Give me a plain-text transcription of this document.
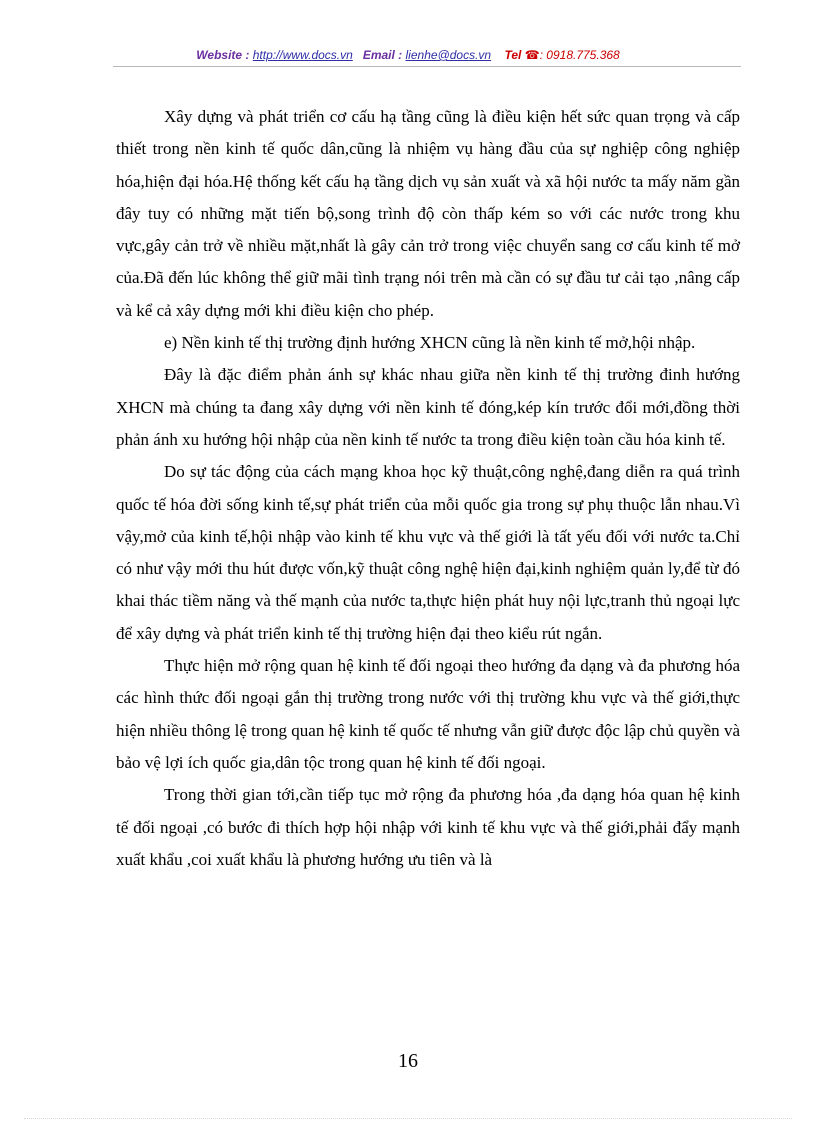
Website : http://www.docs.vn Email : lienhe@docs.vn Tel ☎: 0918.775.368

Xây dựng và phát triển cơ cấu hạ tầng cũng là điều kiện hết sức quan trọng và cấp thiết trong nền kinh tế quốc dân,cũng là nhiệm vụ hàng đầu của sự nghiệp công nghiệp hóa,hiện đại hóa.Hệ thống kết cấu hạ tầng dịch vụ sản xuất và xã hội nước ta mấy năm gần đây tuy có những mặt tiến bộ,song trình độ còn thấp kém so với các nước trong khu vực,gây cản trở về nhiều mặt,nhất là gây cản trở trong việc chuyển sang cơ cấu kinh tế mở của.Đã đến lúc không thể giữ mãi tình trạng nói trên mà cần có sự đầu tư cải tạo ,nâng cấp và kể cả xây dựng mới khi điều kiện cho phép.

e) Nền kinh tế thị trường định hướng XHCN cũng là nền kinh tế mở,hội nhập.

Đây là đặc điểm phản ánh sự khác nhau giữa nền kinh tế thị trường đinh hướng XHCN mà chúng ta đang xây dựng với nền kinh tế đóng,kép kín trước đổi mới,đồng thời phản ánh xu hướng hội nhập của nền kinh tế nước ta trong điều kiện toàn cầu hóa kinh tế.

Do sự tác động của cách mạng khoa học kỹ thuật,công nghệ,đang diễn ra quá trình quốc tế hóa đời sống kinh tế,sự phát triển của mỗi quốc gia trong sự phụ thuộc lẫn nhau.Vì vậy,mở của kinh tế,hội nhập vào kinh tế khu vực và thế giới là tất yếu đối với nước ta.Chỉ có như vậy mới thu hút được vốn,kỹ thuật công nghệ hiện đại,kinh nghiệm quản ly,để từ đó khai thác tiềm năng và thế mạnh của nước ta,thực hiện phát huy nội lực,tranh thủ ngoại lực để xây dựng và phát triển kinh tế thị trường hiện đại theo kiểu rút ngắn.

Thực hiện mở rộng quan hệ kinh tế đối ngoại theo hướng đa dạng và đa phương hóa các hình thức đối ngoại gắn thị trường trong nước với thị trường khu vực và thế giới,thực hiện nhiều thông lệ trong quan hệ kinh tế quốc tế nhưng vẫn giữ được độc lập chủ quyền và bảo vệ lợi ích quốc gia,dân tộc trong quan hệ kinh tế đối ngoại.

Trong thời gian tới,cần tiếp tục mở rộng đa phương hóa ,đa dạng hóa quan hệ kinh tế đối ngoại ,có bước đi thích hợp hội nhập với kinh tế khu vực và thế giới,phải đẩy mạnh xuất khẩu ,coi xuất khẩu là phương hướng ưu tiên và là

16
